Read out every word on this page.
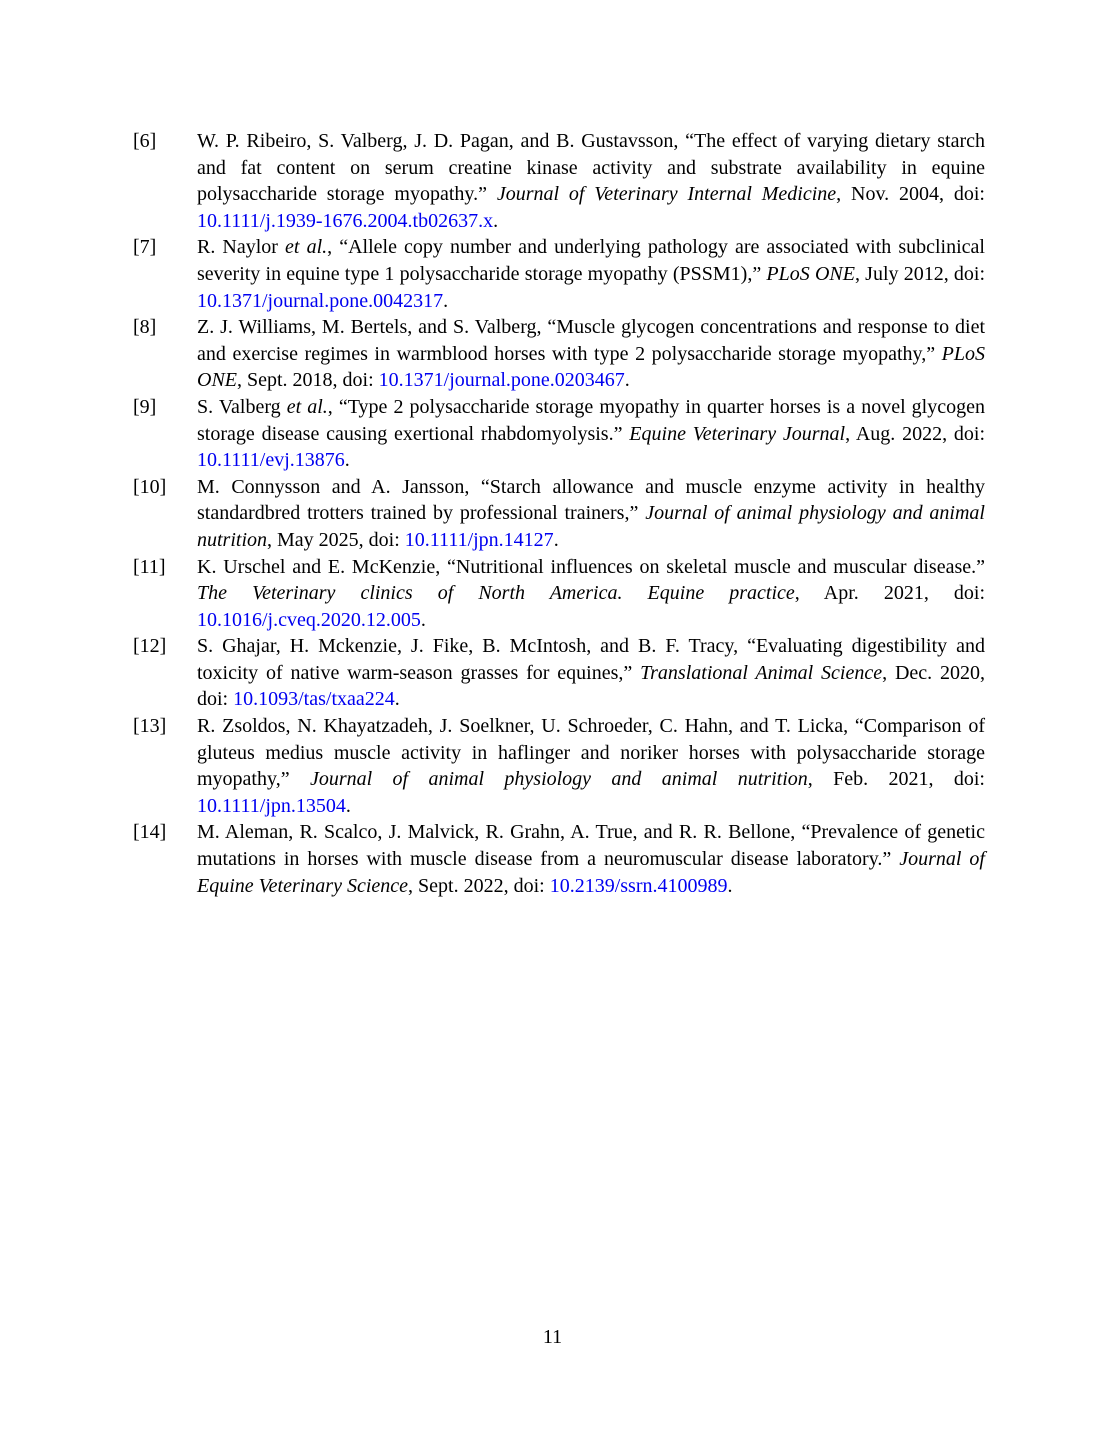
[6] W. P. Ribeiro, S. Valberg, J. D. Pagan, and B. Gustavsson, “The effect of varying dietary starch and fat content on serum creatine kinase activity and substrate availability in equine polysaccharide storage myopathy.” Journal of Veterinary Internal Medicine, Nov. 2004, doi: 10.1111/j.1939-1676.2004.tb02637.x.
[7] R. Naylor et al., “Allele copy number and underlying pathology are associated with subclinical severity in equine type 1 polysaccharide storage myopathy (PSSM1),” PLoS ONE, July 2012, doi: 10.1371/journal.pone.0042317.
[8] Z. J. Williams, M. Bertels, and S. Valberg, “Muscle glycogen concentrations and response to diet and exercise regimes in warmblood horses with type 2 polysaccharide storage myopathy,” PLoS ONE, Sept. 2018, doi: 10.1371/journal.pone.0203467.
[9] S. Valberg et al., “Type 2 polysaccharide storage myopathy in quarter horses is a novel glycogen storage disease causing exertional rhabdomyolysis.” Equine Veterinary Journal, Aug. 2022, doi: 10.1111/evj.13876.
[10] M. Connysson and A. Jansson, “Starch allowance and muscle enzyme activity in healthy standardbred trotters trained by professional trainers,” Journal of animal physiology and animal nutrition, May 2025, doi: 10.1111/jpn.14127.
[11] K. Urschel and E. McKenzie, “Nutritional influences on skeletal muscle and muscular disease.” The Veterinary clinics of North America. Equine practice, Apr. 2021, doi: 10.1016/j.cveq.2020.12.005.
[12] S. Ghajar, H. Mckenzie, J. Fike, B. McIntosh, and B. F. Tracy, “Evaluating digestibility and toxicity of native warm-season grasses for equines,” Translational Animal Science, Dec. 2020, doi: 10.1093/tas/txaa224.
[13] R. Zsoldos, N. Khayatzadeh, J. Soelkner, U. Schroeder, C. Hahn, and T. Licka, “Comparison of gluteus medius muscle activity in haflinger and noriker horses with polysaccharide storage myopathy,” Journal of animal physiology and animal nutrition, Feb. 2021, doi: 10.1111/jpn.13504.
[14] M. Aleman, R. Scalco, J. Malvick, R. Grahn, A. True, and R. R. Bellone, “Prevalence of genetic mutations in horses with muscle disease from a neuromuscular disease laboratory.” Journal of Equine Veterinary Science, Sept. 2022, doi: 10.2139/ssrn.4100989.
11
